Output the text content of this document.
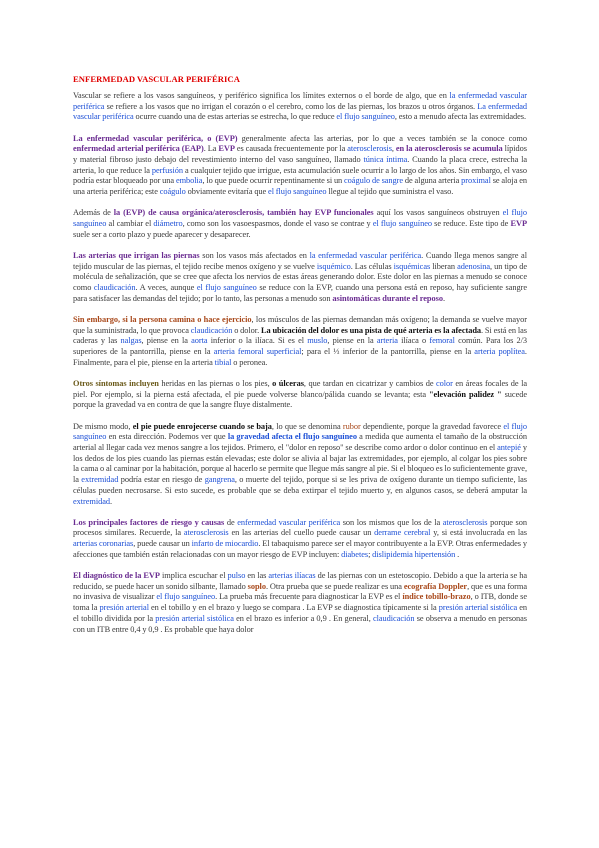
ENFERMEDAD VASCULAR PERIFÉRICA

Vascular se refiere a los vasos sanguíneos, y periférico significa los límites externos o el borde de algo, que en la enfermedad vascular periférica se refiere a los vasos que no irrigan el corazón o el cerebro, como los de las piernas, los brazos u otros órganos. La enfermedad vascular periférica ocurre cuando una de estas arterias se estrecha, lo que reduce el flujo sanguíneo, esto a menudo afecta las extremidades.

La enfermedad vascular periférica, o (EVP) generalmente afecta las arterias, por lo que a veces también se la conoce como enfermedad arterial periférica (EAP). La EVP es causada frecuentemente por la aterosclerosis, en la aterosclerosis se acumula lípidos y material fibroso justo debajo del revestimiento interno del vaso sanguíneo, llamado túnica íntima. Cuando la placa crece, estrecha la arteria, lo que reduce la perfusión a cualquier tejido que irrigue, esta acumulación suele ocurrir a lo largo de los años. Sin embargo, el vaso podría estar bloqueado por una embolia, lo que puede ocurrir repentinamente si un coágulo de sangre de alguna arteria proximal se aloja en una arteria periférica; este coágulo obviamente evitaría que el flujo sanguíneo llegue al tejido que suministra el vaso.

Además de la (EVP) de causa orgánica/aterosclerosis, también hay EVP funcionales aquí los vasos sanguíneos obstruyen el flujo sanguíneo al cambiar el diámetro, como son los vasoespasmos, donde el vaso se contrae y el flujo sanguíneo se reduce. Este tipo de EVP suele ser a corto plazo y puede aparecer y desaparecer.

Las arterias que irrigan las piernas son los vasos más afectados en la enfermedad vascular periférica. Cuando llega menos sangre al tejido muscular de las piernas, el tejido recibe menos oxígeno y se vuelve isquémico. Las células isquémicas liberan adenosina, un tipo de molécula de señalización, que se cree que afecta los nervios de estas áreas generando dolor. Este dolor en las piernas a menudo se conoce como claudicación. A veces, aunque el flujo sanguíneo se reduce con la EVP, cuando una persona está en reposo, hay suficiente sangre para satisfacer las demandas del tejido; por lo tanto, las personas a menudo son asintomáticas durante el reposo.

Sin embargo, si la persona camina o hace ejercicio, los músculos de las piernas demandan más oxígeno; la demanda se vuelve mayor que la suministrada, lo que provoca claudicación o dolor. La ubicación del dolor es una pista de qué arteria es la afectada. Si está en las caderas y las nalgas, piense en la aorta inferior o la ilíaca. Si es el muslo, piense en la arteria ilíaca o femoral común. Para los 2/3 superiores de la pantorrilla, piense en la arteria femoral superficial; para el ⅓ inferior de la pantorrilla, piense en la arteria poplítea. Finalmente, para el pie, piense en la arteria tibial o peronea.

Otros síntomas incluyen heridas en las piernas o los pies, o úlceras, que tardan en cicatrizar y cambios de color en áreas focales de la piel. Por ejemplo, si la pierna está afectada, el pie puede volverse blanco/pálida cuando se levanta; esta "elevación palidez " sucede porque la gravedad va en contra de que la sangre fluye distalmente.

De mismo modo, el pie puede enrojecerse cuando se baja, lo que se denomina rubor dependiente, porque la gravedad favorece el flujo sanguíneo en esta dirección. Podemos ver que la gravedad afecta el flujo sanguíneo a medida que aumenta el tamaño de la obstrucción arterial al llegar cada vez menos sangre a los tejidos. Primero, el "dolor en reposo" se describe como ardor o dolor continuo en el antepié y los dedos de los pies cuando las piernas están elevadas; este dolor se alivia al bajar las extremidades, por ejemplo, al colgar los pies sobre la cama o al caminar por la habitación, porque al hacerlo se permite que llegue más sangre al pie. Si el bloqueo es lo suficientemente grave, la extremidad podría estar en riesgo de gangrena, o muerte del tejido, porque si se les priva de oxígeno durante un tiempo suficiente, las células pueden necrosarse. Si esto sucede, es probable que se deba extirpar el tejido muerto y, en algunos casos, se deberá amputar la extremidad.

Los principales factores de riesgo y causas de enfermedad vascular periférica son los mismos que los de la aterosclerosis porque son procesos similares. Recuerde, la aterosclerosis en las arterias del cuello puede causar un derrame cerebral y, si está involucrada en las arterias coronarias, puede causar un infarto de miocardio. El tabaquismo parece ser el mayor contribuyente a la EVP. Otras enfermedades y afecciones que también están relacionadas con un mayor riesgo de EVP incluyen: diabetes; dislipidemia hipertensión .

El diagnóstico de la EVP implica escuchar el pulso en las arterias ilíacas de las piernas con un estetoscopio. Debido a que la arteria se ha reducido, se puede hacer un sonido silbante, llamado soplo. Otra prueba que se puede realizar es una ecografía Doppler, que es una forma no invasiva de visualizar el flujo sanguíneo. La prueba más frecuente para diagnosticar la EVP es el índice tobillo-brazo, o ITB, donde se toma la presión arterial en el tobillo y en el brazo y luego se compara . La EVP se diagnostica típicamente si la presión arterial sistólica en el tobillo dividida por la presión arterial sistólica en el brazo es inferior a 0,9 . En general, claudicación se observa a menudo en personas con un ITB entre 0,4 y 0,9 . Es probable que haya dolor
